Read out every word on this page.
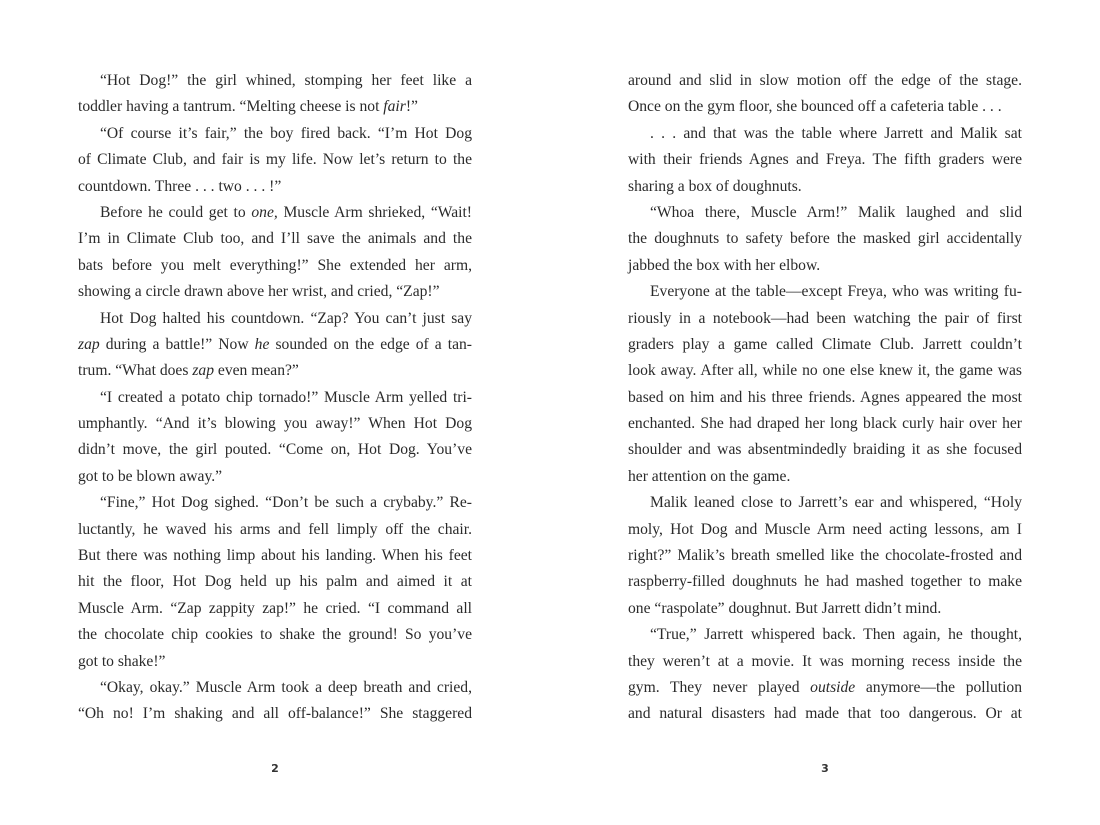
“Hot Dog!” the girl whined, stomping her feet like a
toddler having a tantrum. “Melting cheese is not fair!”
“Of course it’s fair,” the boy fired back. “I’m Hot Dog
of Climate Club, and fair is my life. Now let’s return to the
countdown. Three . . . two . . . !”
Before he could get to one, Muscle Arm shrieked, “Wait!
I’m in Climate Club too, and I’ll save the animals and the
bats before you melt everything!” She extended her arm,
showing a circle drawn above her wrist, and cried, “Zap!”
Hot Dog halted his countdown. “Zap? You can’t just say
zap during a battle!” Now he sounded on the edge of a tan-
trum. “What does zap even mean?”
“I created a potato chip tornado!” Muscle Arm yelled tri-
umphantly. “And it’s blowing you away!” When Hot Dog
didn’t move, the girl pouted. “Come on, Hot Dog. You’ve
got to be blown away.”
“Fine,” Hot Dog sighed. “Don’t be such a crybaby.” Re-
luctantly, he waved his arms and fell limply off the chair.
But there was nothing limp about his landing. When his feet
hit the floor, Hot Dog held up his palm and aimed it at
Muscle Arm. “Zap zappity zap!” he cried. “I command all
the chocolate chip cookies to shake the ground! So you’ve
got to shake!”
“Okay, okay.” Muscle Arm took a deep breath and cried,
“Oh no! I’m shaking and all off-balance!” She staggered
around and slid in slow motion off the edge of the stage.
Once on the gym floor, she bounced off a cafeteria table . . .
. . . and that was the table where Jarrett and Malik sat
with their friends Agnes and Freya. The fifth graders were
sharing a box of doughnuts.
“Whoa there, Muscle Arm!” Malik laughed and slid
the doughnuts to safety before the masked girl accidentally
jabbed the box with her elbow.
Everyone at the table—except Freya, who was writing fu-
riously in a notebook—had been watching the pair of first
graders play a game called Climate Club. Jarrett couldn’t
look away. After all, while no one else knew it, the game was
based on him and his three friends. Agnes appeared the most
enchanted. She had draped her long black curly hair over her
shoulder and was absentmindedly braiding it as she focused
her attention on the game.
Malik leaned close to Jarrett’s ear and whispered, “Holy
moly, Hot Dog and Muscle Arm need acting lessons, am I
right?” Malik’s breath smelled like the chocolate-frosted and
raspberry-filled doughnuts he had mashed together to make
one “raspolate” doughnut. But Jarrett didn’t mind.
“True,” Jarrett whispered back. Then again, he thought,
they weren’t at a movie. It was morning recess inside the
gym. They never played outside anymore—the pollution
and natural disasters had made that too dangerous. Or at
2	3
